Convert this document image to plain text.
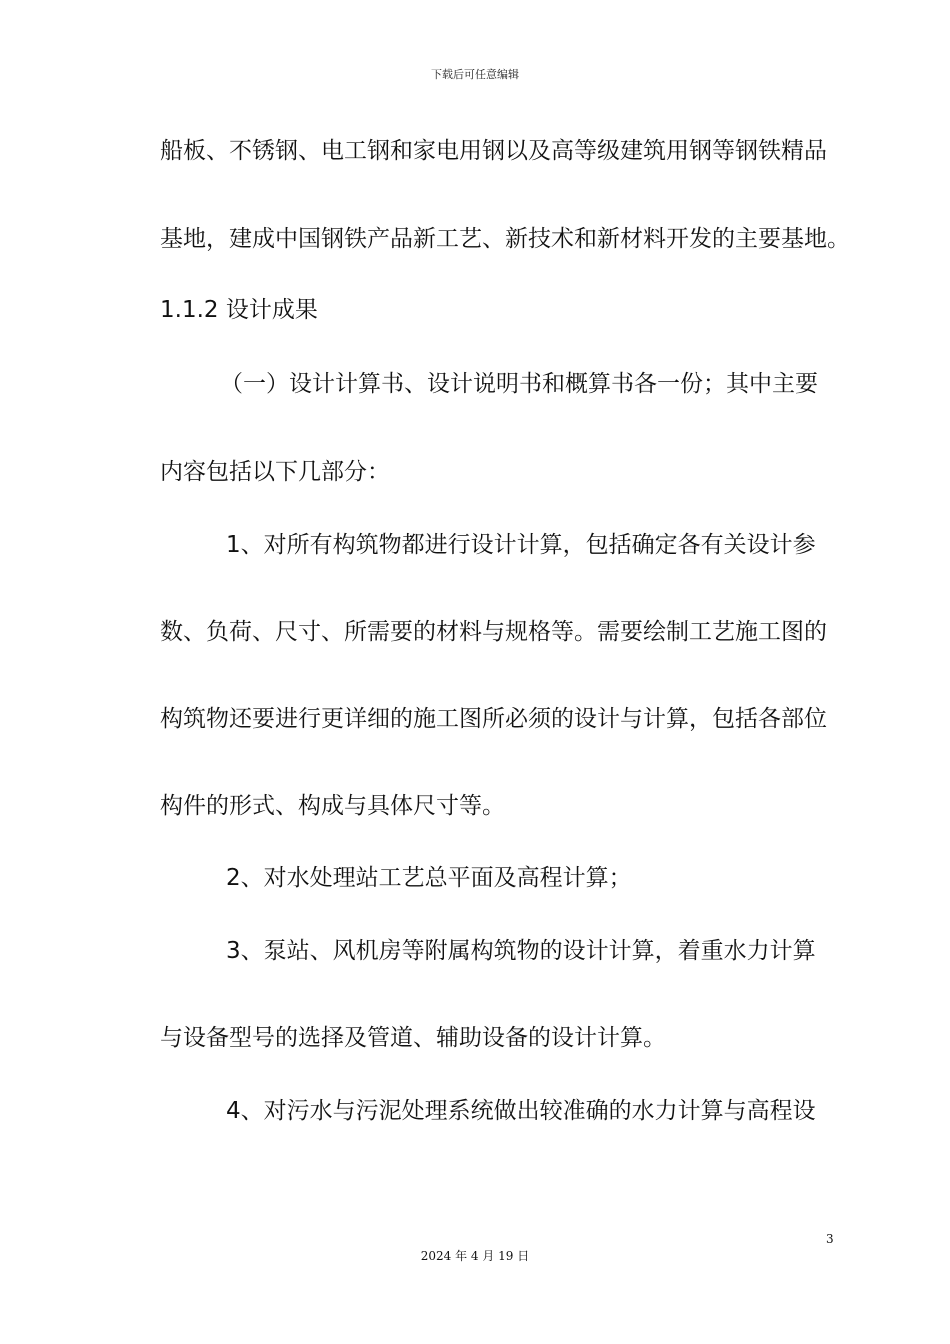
下载后可任意编辑
船板、不锈钢、电工钢和家电用钢以及高等级建筑用钢等钢铁精品
基地，建成中国钢铁产品新工艺、新技术和新材料开发的主要基地。
1.1.2 设计成果
（一）设计计算书、设计说明书和概算书各一份；其中主要
内容包括以下几部分：
1、对所有构筑物都进行设计计算，包括确定各有关设计参
数、负荷、尺寸、所需要的材料与规格等。需要绘制工艺施工图的
构筑物还要进行更详细的施工图所必须的设计与计算，包括各部位
构件的形式、构成与具体尺寸等。
2、对水处理站工艺总平面及高程计算；
3、泵站、风机房等附属构筑物的设计计算，着重水力计算
与设备型号的选择及管道、辅助设备的设计计算。
4、对污水与污泥处理系统做出较准确的水力计算与高程设
3
2024 年 4 月 19 日
